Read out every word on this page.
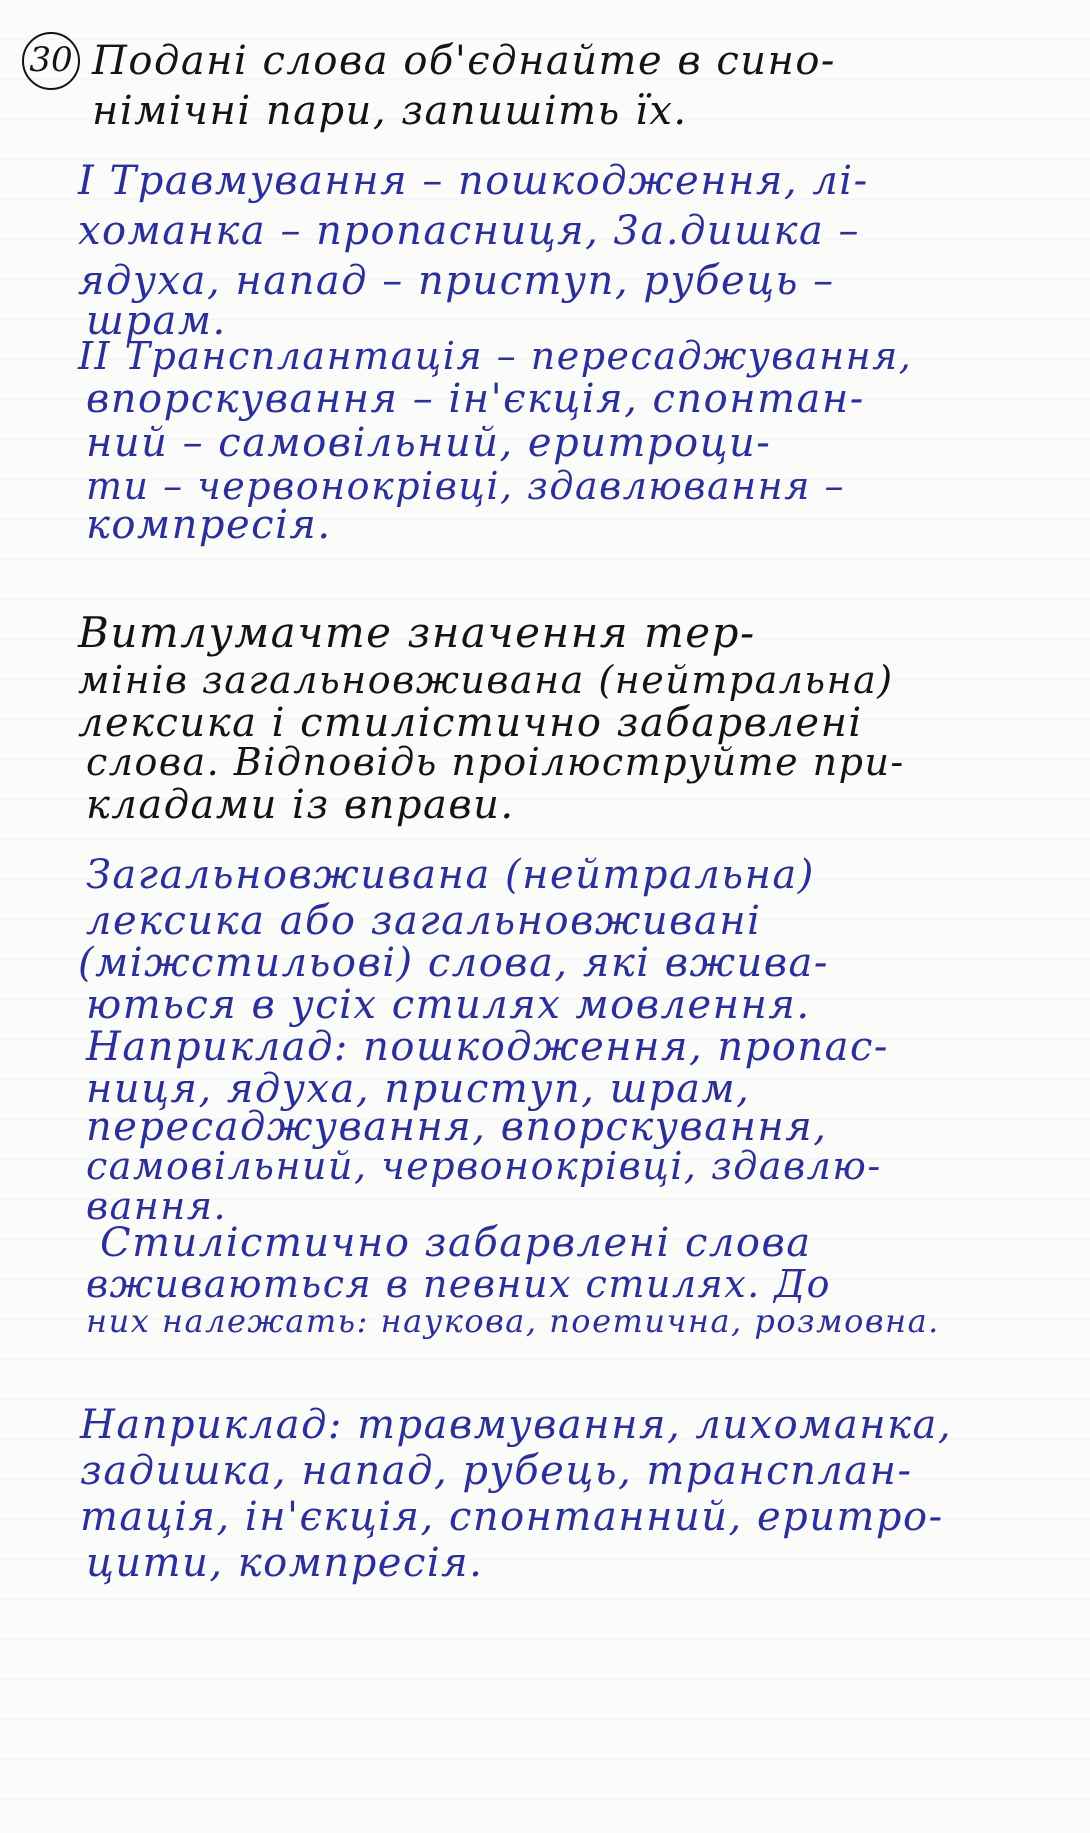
30 Подані слова об'єднайте в сино-
німічні пари, запишіть їх.
I Травмування – пошкодження, лі-
хоманка – пропасниця, 3а.дишка –
ядуха, напад – приступ, рубець –
шрам.
II Трансплантація – пересаджування,
впорскування – ін'єкція, спонтан-
ний – самовільний, еритроци-
ти – червонокрівці, здавлювання –
компресія.
Витлумачте значення тер-
мінів загальновживана (нейтральна)
лексика і стилістично забарвлені
слова. Відповідь проілюструйте при-
кладами із вправи.
Загальновживана (нейтральна)
лексика або загальновживані
(міжстильові) слова, які вжива-
ються в усіх стилях мовлення.
Наприклад: пошкодження, пропас-
ниця, ядуха, приступ, шрам,
пересаджування, впорскування,
самовільний, червонокрівці, здавлю-
вання.
Стилістично забарвлені слова
вживаються в певних стилях. До
них належать: наукова, поетична, розмовна.
Наприклад: травмування, лихоманка,
задишка, напад, рубець, трансплан-
тація, ін'єкція, спонтанний, еритро-
цити, компресія.
